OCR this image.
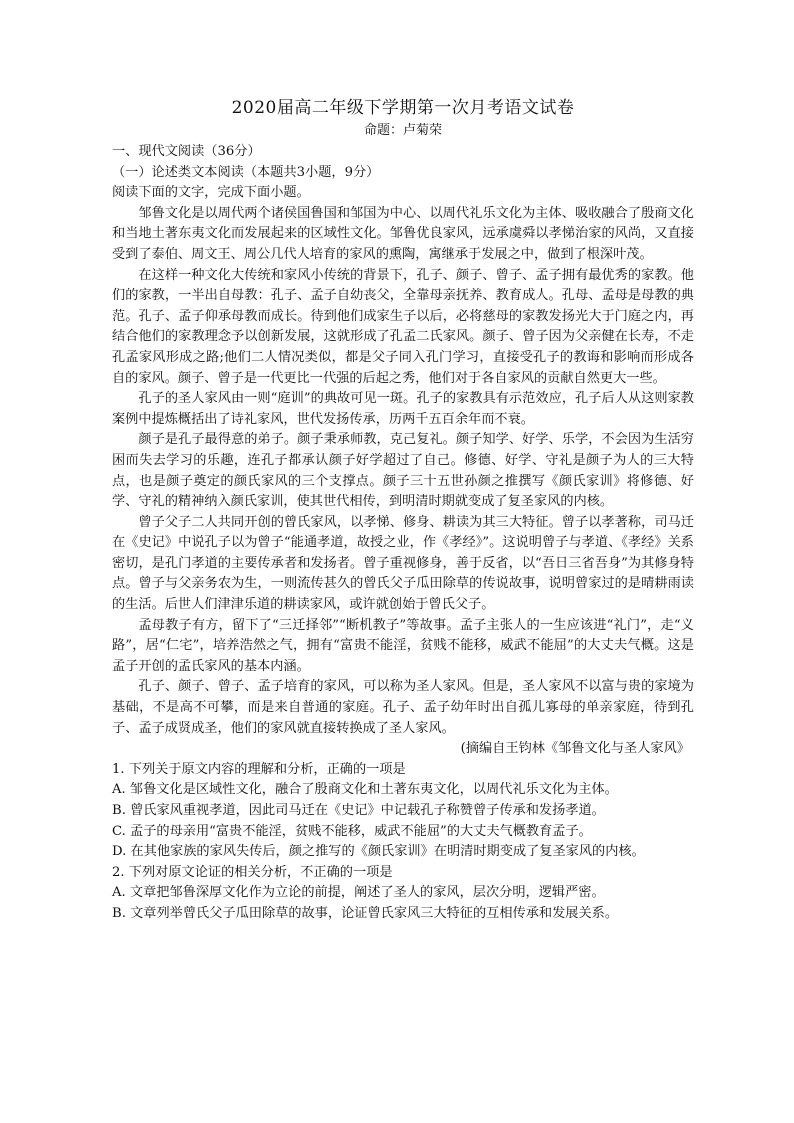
2020届高二年级下学期第一次月考语文试卷

命题：卢菊荣

一、现代文阅读（36分）

（一）论述类文本阅读（本题共3小题，9分）

阅读下面的文字，完成下面小题。

邹鲁文化是以周代两个诸侯国鲁国和邹国为中心、以周代礼乐文化为主体、吸收融合了殷商文化和当地土著东夷文化而发展起来的区域性文化。邹鲁优良家风，远承虞舜以孝悌治家的风尚，又直接受到了泰伯、周文王、周公几代人培育的家风的熏陶，寓继承于发展之中，做到了根深叶茂。

在这样一种文化大传统和家风小传统的背景下，孔子、颜子、曾子、孟子拥有最优秀的家教。他们的家教，一半出自母教：孔子、孟子自幼丧父，全靠母亲抚养、教育成人。孔母、孟母是母教的典范。孔子、孟子仰承母教而成长。待到他们成家生子以后，必将慈母的家教发扬光大于门庭之内，再结合他们的家教理念予以创新发展，这就形成了孔孟二氏家风。颜子、曾子因为父亲健在长寿，不走孔孟家风形成之路;他们二人情况类似，都是父子同入孔门学习，直接受孔子的教诲和影响而形成各自的家风。颜子、曾子是一代更比一代强的后起之秀，他们对于各自家风的贡献自然更大一些。

孔子的圣人家风由一则“庭训”的典故可见一斑。孔子的家教具有示范效应，孔子后人从这则家教案例中提炼概括出了诗礼家风，世代发扬传承，历两千五百余年而不衰。

颜子是孔子最得意的弟子。颜子秉承师教，克己复礼。颜子知学、好学、乐学，不会因为生活穷困而失去学习的乐趣，连孔子都承认颜子好学超过了自己。修德、好学、守礼是颜子为人的三大特点，也是颜子奠定的颜氏家风的三个支撑点。颜子三十五世孙颜之推撰写《颜氏家训》将修德、好学、守礼的精神纳入颜氏家训，使其世代相传，到明清时期就变成了复圣家风的内核。

曾子父子二人共同开创的曾氏家风，以孝悌、修身、耕读为其三大特征。曾子以孝著称，司马迁在《史记》中说孔子以为曾子“能通孝道，故授之业，作《孝经》”。这说明曾子与孝道、《孝经》关系密切，是孔门孝道的主要传承者和发扬者。曾子重视修身，善于反省，以“吾日三省吾身”为其修身特点。曾子与父亲务农为生，一则流传甚久的曾氏父子瓜田除草的传说故事，说明曾家过的是晴耕雨读的生活。后世人们津津乐道的耕读家风，或许就创始于曾氏父子。

孟母教子有方，留下了“三迁择邻”“断机教子”等故事。孟子主张人的一生应该进“礼门”，走“义路”，居“仁宅”，培养浩然之气，拥有“富贵不能淫，贫贱不能移，威武不能屈”的大丈夫气概。这是孟子开创的孟氏家风的基本内涵。

孔子、颜子、曾子、孟子培育的家风，可以称为圣人家风。但是，圣人家风不以富与贵的家境为基础，不是高不可攀，而是来自普通的家庭。孔子、孟子幼年时出自孤儿寡母的单亲家庭，待到孔子、孟子成贤成圣，他们的家风就直接转换成了圣人家风。

(摘编自王钧林《邹鲁文化与圣人家风》

1. 下列关于原文内容的理解和分析，正确的一项是

A. 邹鲁文化是区域性文化，融合了殷商文化和土著东夷文化，以周代礼乐文化为主体。

B. 曾氏家风重视孝道，因此司马迁在《史记》中记载孔子称赞曾子传承和发扬孝道。

C. 孟子的母亲用“富贵不能淫，贫贱不能移，威武不能屈”的大丈夫气概教育孟子。

D. 在其他家族的家风失传后，颜之推写的《颜氏家训》在明清时期变成了复圣家风的内核。

2. 下列对原文论证的相关分析，不正确的一项是

A. 文章把邹鲁深厚文化作为立论的前提，阐述了圣人的家风，层次分明，逻辑严密。

B. 文章列举曾氏父子瓜田除草的故事，论证曾氏家风三大特征的互相传承和发展关系。
